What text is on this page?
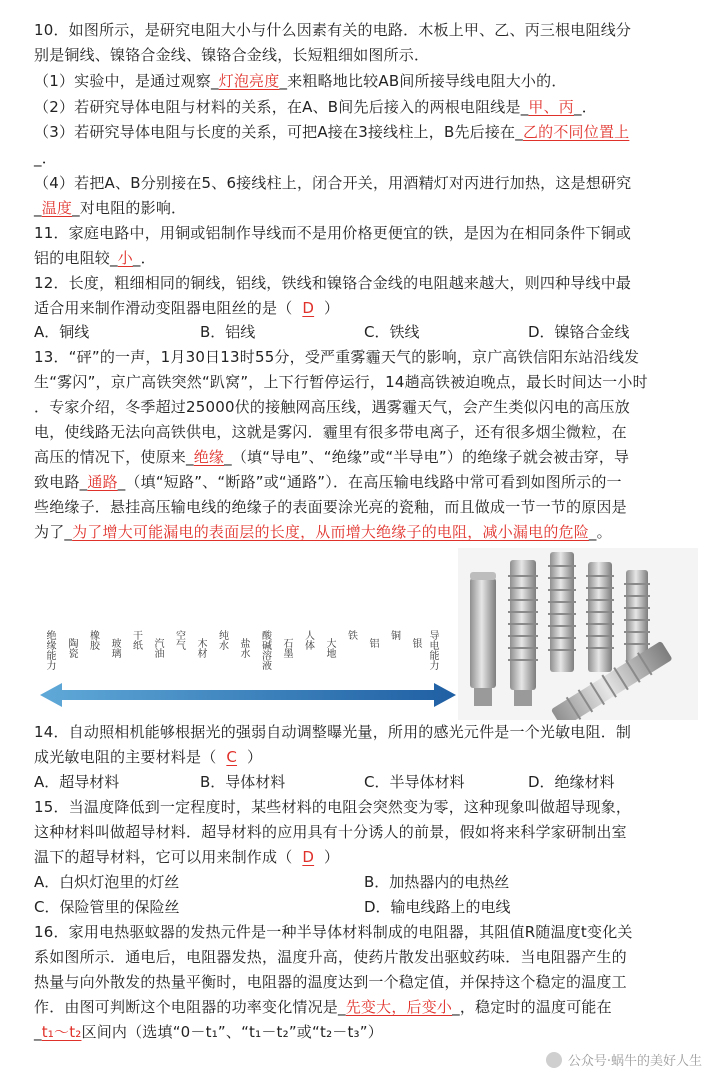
10．如图所示，是研究电阻大小与什么因素有关的电路．木板上甲、乙、丙三根电阻线分
别是铜线、镍铬合金线、镍铬合金线，长短粗细如图所示．
（1）实验中，是通过观察_灯泡亮度_来粗略地比较AB间所接导线电阻大小的．
（2）若研究导体电阻与材料的关系，在A、B间先后接入的两根电阻线是_甲、丙_．
（3）若研究导体电阻与长度的关系，可把A接在3接线柱上，B先后接在_乙的不同位置上
_．
（4）若把A、B分别接在5、6接线柱上，闭合开关，用酒精灯对丙进行加热，这是想研究
_温度_对电阻的影响．
11．家庭电路中，用铜或铝制作导线而不是用价格更便宜的铁，是因为在相同条件下铜或
铝的电阻较_小_．
12．长度，粗细相同的铜线，铝线，铁线和镍铬合金线的电阻越来越大，则四种导线中最
适合用来制作滑动变阻器电阻丝的是（ D ）
A．铜线	B．铝线	C．铁线	D．镍铬合金线
13．“砰”的一声，1月30日13时55分，受严重雾霾天气的影响，京广高铁信阳东站沿线发
生“雾闪”，京广高铁突然“趴窝”，上下行暂停运行，14趟高铁被迫晚点，最长时间达一小时
．专家介绍，冬季超过25000伏的接触网高压线，遇雾霾天气，会产生类似闪电的高压放
电，使线路无法向高铁供电，这就是雾闪．霾里有很多带电离子，还有很多烟尘微粒，在
高压的情况下，使原来_绝缘_（填“导电”、“绝缘”或“半导电”）的绝缘子就会被击穿，导
致电路_通路_（填“短路”、“断路”或“通路”）．在高压输电线路中常可看到如图所示的一
些绝缘子．悬挂高压输电线的绝缘子的表面要涂光亮的瓷釉，而且做成一节一节的原因是
为了_为了增大可能漏电的表面层的长度，从而增大绝缘子的电阻，减小漏电的危险_。
绝缘能力	导电能力
陶瓷 橡胶 玻璃 干纸 汽油 空气 木材 纯水 盐水 酸碱溶液 石墨 人体 大地
铁
铝
铜
银
14．自动照相机能够根据光的强弱自动调整曝光量，所用的感光元件是一个光敏电阻．制
成光敏电阻的主要材料是（ C ）
A．超导材料	B．导体材料	C．半导体材料	D．绝缘材料
15．当温度降低到一定程度时，某些材料的电阻会突然变为零，这种现象叫做超导现象，
这种材料叫做超导材料．超导材料的应用具有十分诱人的前景，假如将来科学家研制出室
温下的超导材料，它可以用来制作成（ D ）
A．白炽灯泡里的灯丝	B．加热器内的电热丝
C．保险管里的保险丝	D．输电线路上的电线
16．家用电热驱蚊器的发热元件是一种半导体材料制成的电阻器，其阻值R随温度t变化关
系如图所示．通电后，电阻器发热，温度升高，使药片散发出驱蚊药味．当电阻器产生的
热量与向外散发的热量平衡时，电阻器的温度达到一个稳定值，并保持这个稳定的温度工
作．由图可判断这个电阻器的功率变化情况是_先变大，后变小_，稳定时的温度可能在
_t₁～t₂区间内（选填“0－t₁”、“t₁－t₂”或“t₂－t₃”）
公众号·蜗牛的美好人生
